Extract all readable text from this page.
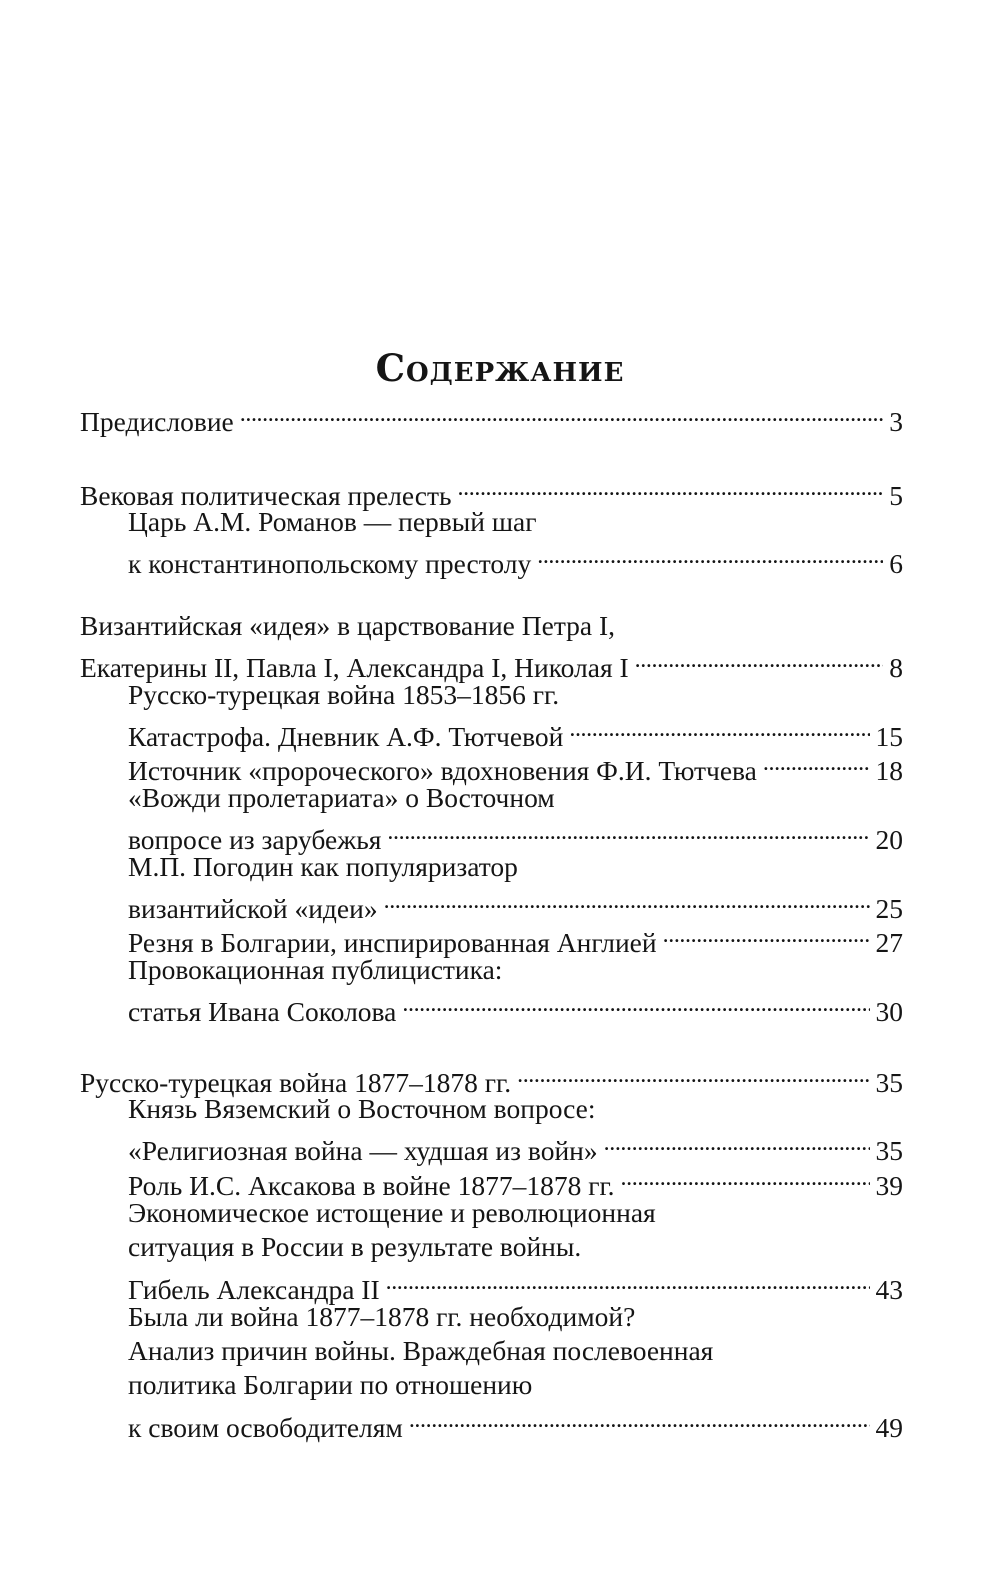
Содержание
Предисловие . . .	3
Вековая политическая прелесть . . .	5
Царь А.М. Романов — первый шаг
к константинопольскому престолу . . .	6
Византийская «идея» в царствование Петра I,
Екатерины II, Павла I, Александра I, Николая I . . .	8
Русско-турецкая война 1853–1856 гг.
Катастрофа. Дневник А.Ф. Тютчевой . . .	15
Источник «пророческого» вдохновения Ф.И. Тютчева . . .	18
«Вожди пролетариата» о Восточном
вопросе из зарубежья . . .	20
М.П. Погодин как популяризатор
византийской «идеи» . . .	25
Резня в Болгарии, инспирированная Англией . . .	27
Провокационная публицистика:
статья Ивана Соколова . . .	30
Русско-турецкая война 1877–1878 гг. . . .	35
Князь Вяземский о Восточном вопросе:
«Религиозная война — худшая из войн» . . .	35
Роль И.С. Аксакова в войне 1877–1878 гг. . . .	39
Экономическое истощение и революционная
ситуация в России в результате войны.
Гибель Александра II . . .	43
Была ли война 1877–1878 гг. необходимой?
Анализ причин войны. Враждебная послевоенная
политика Болгарии по отношению
к своим освободителям . . .	49
